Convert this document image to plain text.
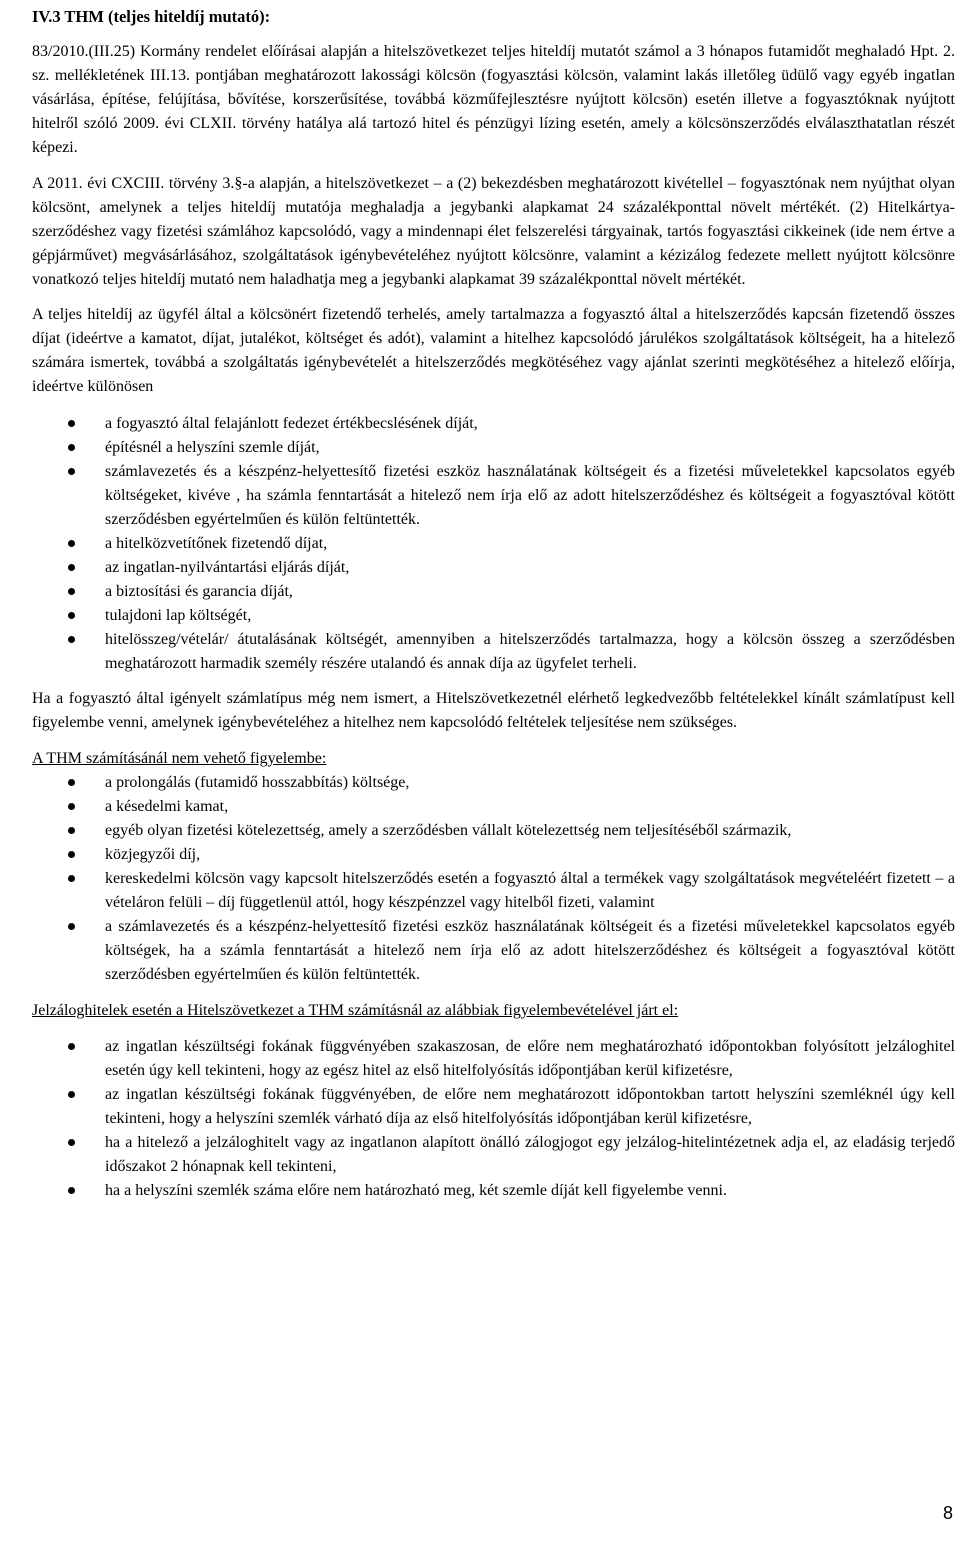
IV.3 THM (teljes hiteldíj mutató):

83/2010.(III.25) Kormány rendelet előírásai alapján a hitelszövetkezet teljes hiteldíj mutatót számol a 3 hónapos futamidőt meghaladó Hpt. 2. sz. mellékletének III.13. pontjában meghatározott lakossági kölcsön (fogyasztási kölcsön, valamint lakás illetőleg üdülő vagy egyéb ingatlan vásárlása, építése, felújítása, bővítése, korszerűsítése, továbbá közműfejlesztésre nyújtott kölcsön) esetén illetve a fogyasztóknak nyújtott hitelről szóló 2009. évi CLXII. törvény hatálya alá tartozó hitel és pénzügyi lízing esetén, amely a kölcsönszerződés elválaszthatatlan részét képezi.

A 2011. évi CXCIII. törvény 3.§-a alapján, a hitelszövetkezet – a (2) bekezdésben meghatározott kivétellel – fogyasztónak nem nyújthat olyan kölcsönt, amelynek a teljes hiteldíj mutatója meghaladja a jegybanki alapkamat 24 százalékponttal növelt mértékét. (2) Hitelkártya-szerződéshez vagy fizetési számlához kapcsolódó, vagy a mindennapi élet felszerelési tárgyainak, tartós fogyasztási cikkeinek (ide nem értve a gépjárművet) megvásárlásához, szolgáltatások igénybevételéhez nyújtott kölcsönre, valamint a kézizálog fedezete mellett nyújtott kölcsönre vonatkozó teljes hiteldíj mutató nem haladhatja meg a jegybanki alapkamat 39 százalékponttal növelt mértékét.

A teljes hiteldíj az ügyfél által a kölcsönért fizetendő terhelés, amely tartalmazza a fogyasztó által a hitelszerződés kapcsán fizetendő összes díjat (ideértve a kamatot, díjat, jutalékot, költséget és adót), valamint a hitelhez kapcsolódó járulékos szolgáltatások költségeit, ha a hitelező számára ismertek, továbbá a szolgáltatás igénybevételét a hitelszerződés megkötéséhez vagy ajánlat szerinti megkötéséhez a hitelező előírja, ideértve különösen

a fogyasztó által felajánlott fedezet értékbecslésének díját,
építésnél a helyszíni szemle díját,
számlavezetés és a készpénz-helyettesítő fizetési eszköz használatának költségeit és a fizetési műveletekkel kapcsolatos egyéb költségeket, kivéve , ha számla fenntartását a hitelező nem írja elő az adott hitelszerződéshez és költségeit a fogyasztóval kötött szerződésben egyértelműen és külön feltüntették.
a hitelközvetítőnek fizetendő díjat,
az ingatlan-nyilvántartási eljárás díját,
a biztosítási és garancia díját,
tulajdoni lap költségét,
hitelösszeg/vételár/ átutalásának költségét, amennyiben a hitelszerződés tartalmazza, hogy a kölcsön összeg a szerződésben meghatározott harmadik személy részére utalandó és annak díja az ügyfelet terheli.

Ha a fogyasztó által igényelt számlatípus még nem ismert, a Hitelszövetkezetnél elérhető legkedvezőbb feltételekkel kínált számlatípust kell figyelembe venni, amelynek igénybevételéhez a hitelhez nem kapcsolódó feltételek teljesítése nem szükséges.

A THM számításánál nem vehető figyelembe:

a prolongálás (futamidő hosszabbítás) költsége,
a késedelmi kamat,
egyéb olyan fizetési kötelezettség, amely a szerződésben vállalt kötelezettség nem teljesítéséből származik,
közjegyzői díj,
kereskedelmi kölcsön vagy kapcsolt hitelszerződés esetén a fogyasztó által a termékek vagy szolgáltatások megvételéért fizetett – a vételáron felüli – díj függetlenül attól, hogy készpénzzel vagy hitelből fizeti, valamint
a számlavezetés és a készpénz-helyettesítő fizetési eszköz használatának költségeit és a fizetési műveletekkel kapcsolatos egyéb költségek, ha a számla fenntartását a hitelező nem írja elő az adott hitelszerződéshez és költségeit a fogyasztóval kötött szerződésben egyértelműen és külön feltüntették.

Jelzáloghitelek esetén a Hitelszövetkezet a THM számításnál az alábbiak figyelembevételével járt el:

az ingatlan készültségi fokának függvényében szakaszosan, de előre nem meghatározható időpontokban folyósított jelzáloghitel esetén úgy kell tekinteni, hogy az egész hitel az első hitelfolyósítás időpontjában kerül kifizetésre,
az ingatlan készültségi fokának függvényében, de előre nem meghatározott időpontokban tartott helyszíni szemléknél úgy kell tekinteni, hogy a helyszíni szemlék várható díja az első hitelfolyósítás időpontjában kerül kifizetésre,
ha a hitelező a jelzáloghitelt vagy az ingatlanon alapított önálló zálogjogot egy jelzálog-hitelintézetnek adja el, az eladásig terjedő időszakot 2 hónapnak kell tekinteni,
ha a helyszíni szemlék száma előre nem határozható meg, két szemle díját kell figyelembe venni.
8
